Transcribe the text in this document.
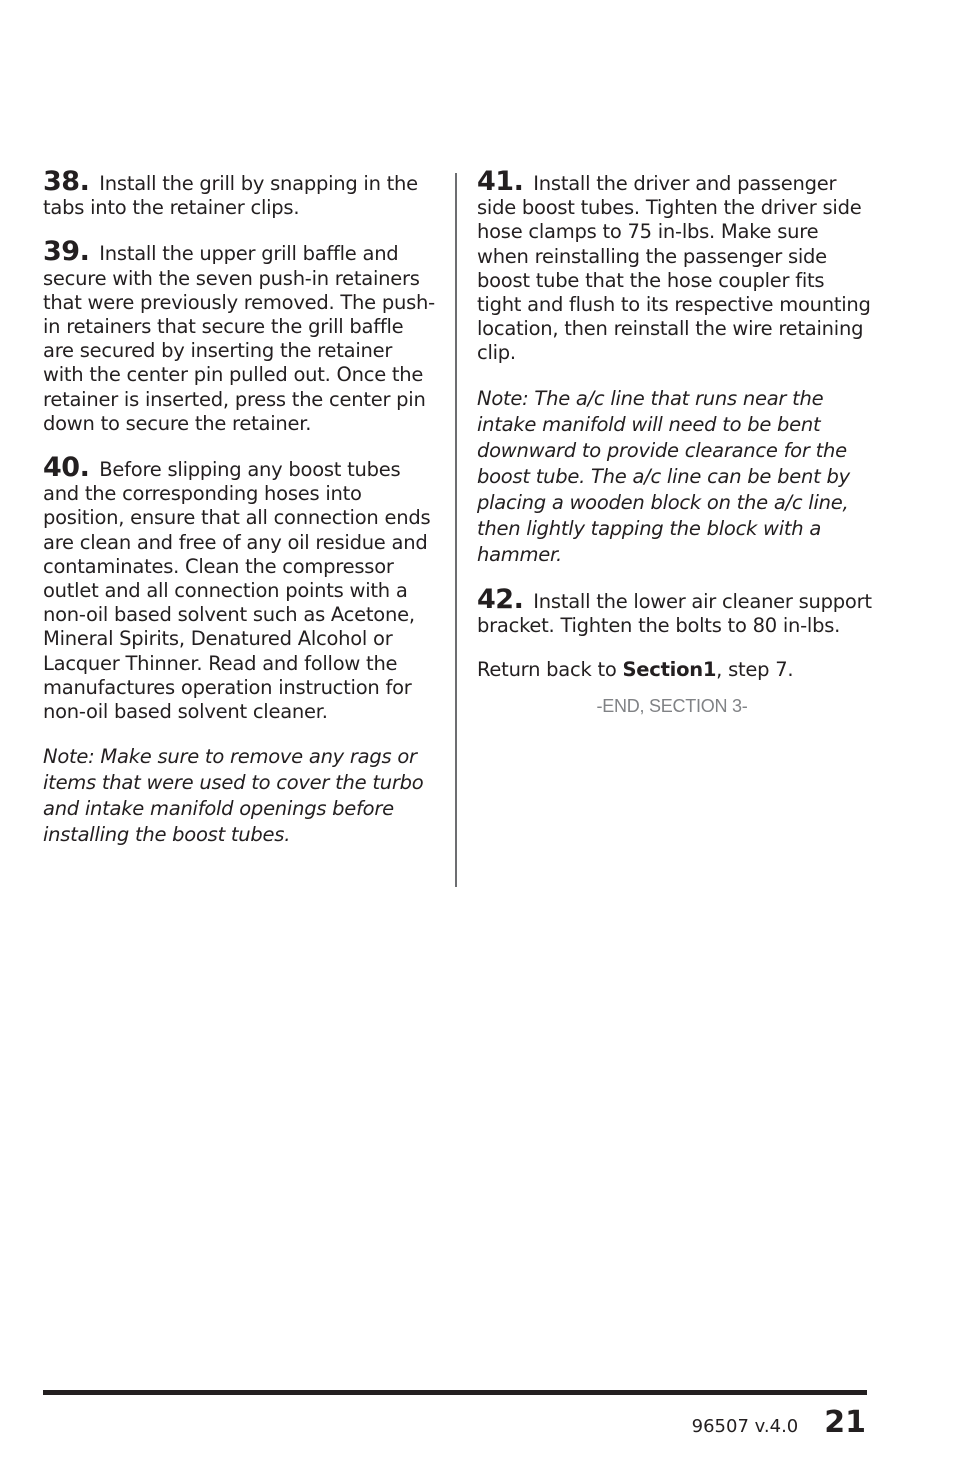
38. Install the grill by snapping in the tabs into the retainer clips.

39. Install the upper grill baffle and secure with the seven push-in retainers that were previously removed. The push-in retainers that secure the grill baffle are secured by inserting the retainer with the center pin pulled out. Once the retainer is inserted, press the center pin down to secure the retainer.

40. Before slipping any boost tubes and the corresponding hoses into position, ensure that all connection ends are clean and free of any oil residue and contaminates. Clean the compressor outlet and all connection points with a non-oil based solvent such as Acetone, Mineral Spirits, Denatured Alcohol or Lacquer Thinner. Read and follow the manufactures operation instruction for non-oil based solvent cleaner.

Note: Make sure to remove any rags or items that were used to cover the turbo and intake manifold openings before installing the boost tubes.

41. Install the driver and passenger side boost tubes. Tighten the driver side hose clamps to 75 in-lbs. Make sure when reinstalling the passenger side boost tube that the hose coupler fits tight and flush to its respective mounting location, then reinstall the wire retaining clip.

Note: The a/c line that runs near the intake manifold will need to be bent downward to provide clearance for the boost tube. The a/c line can be bent by placing a wooden block on the a/c line, then lightly tapping the block with a hammer.

42. Install the lower air cleaner support bracket. Tighten the bolts to 80 in-lbs.

Return back to Section1, step 7.

-END, SECTION 3-
96507 v.4.0 21
